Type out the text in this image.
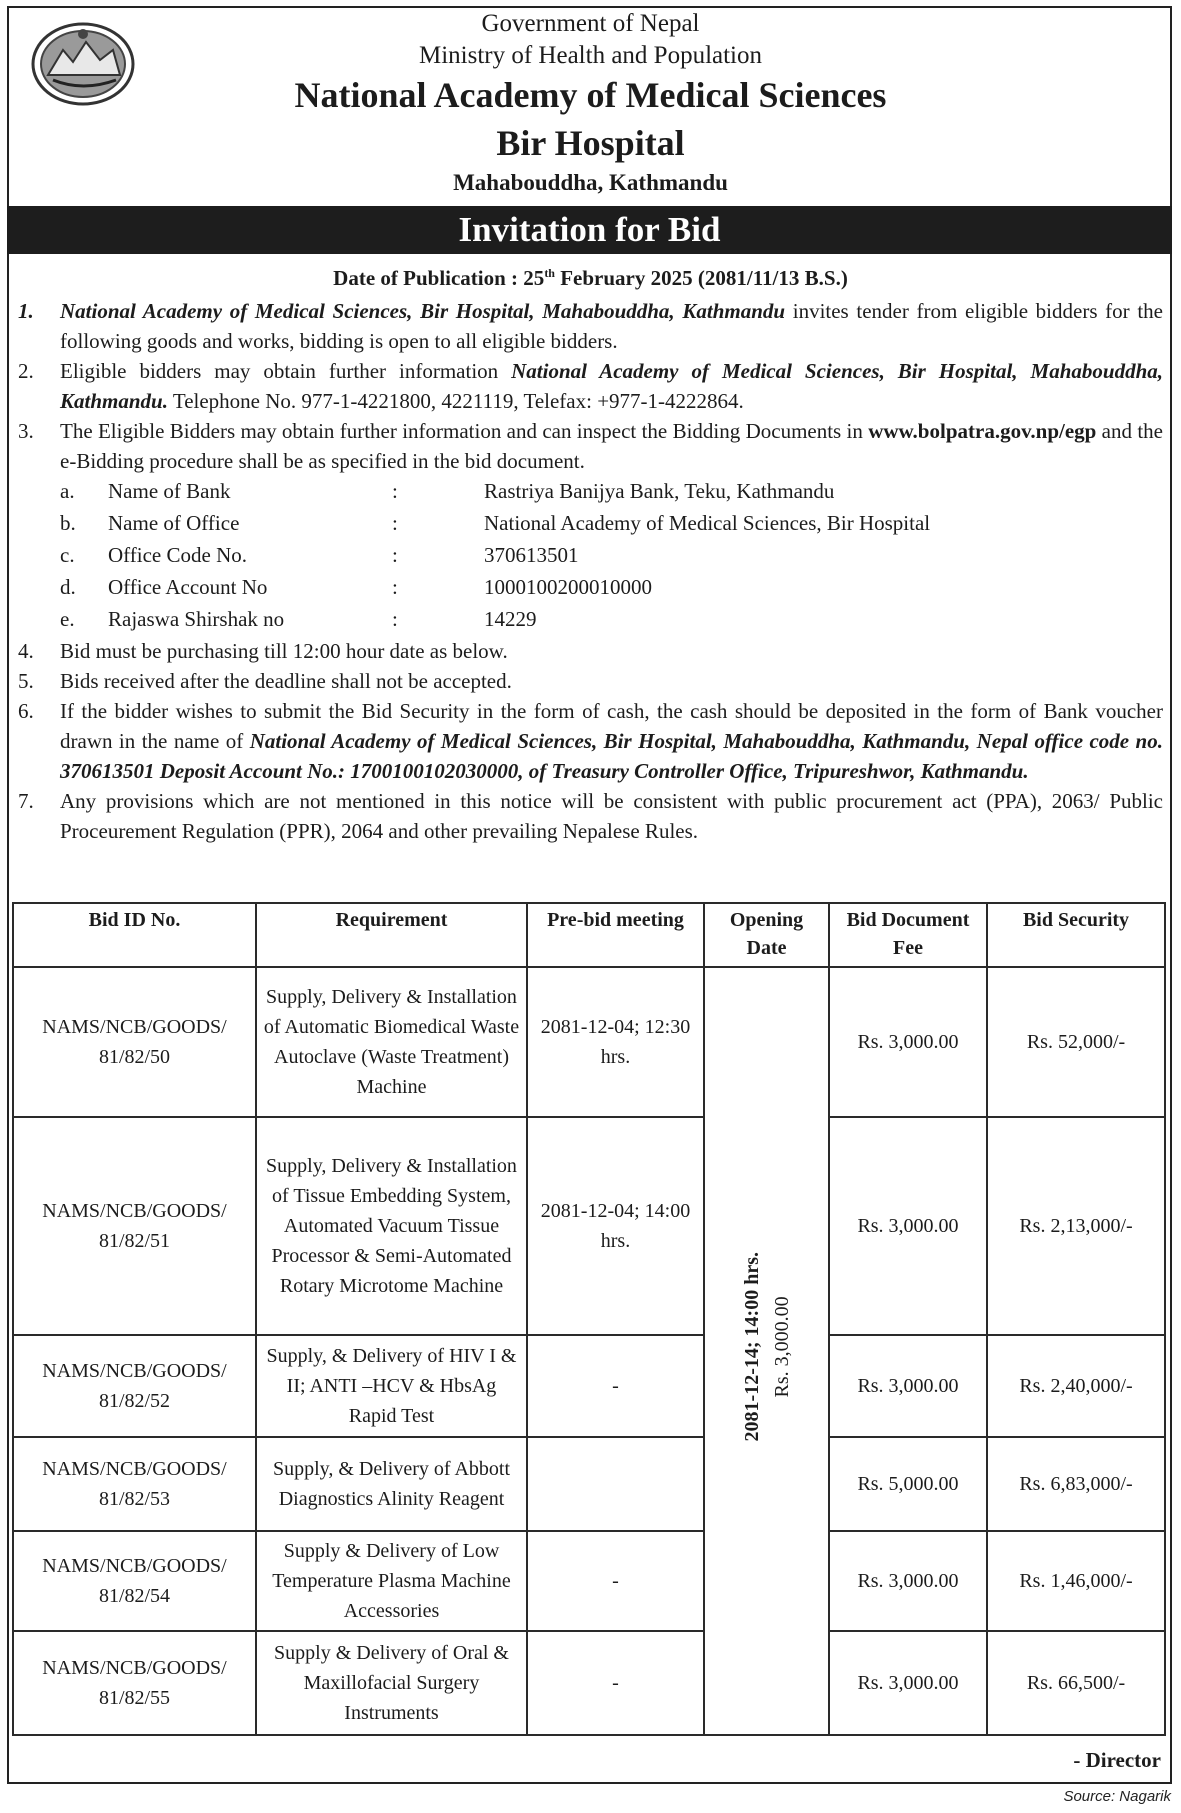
Government of Nepal
Ministry of Health and Population
National Academy of Medical Sciences
Bir Hospital
Mahabouddha, Kathmandu
Invitation for Bid
Date of Publication : 25th February 2025 (2081/11/13 B.S.)
1. National Academy of Medical Sciences, Bir Hospital, Mahabouddha, Kathmandu invites tender from eligible bidders for the following goods and works, bidding is open to all eligible bidders.
2. Eligible bidders may obtain further information National Academy of Medical Sciences, Bir Hospital, Mahabouddha, Kathmandu. Telephone No. 977-1-4221800, 4221119, Telefax: +977-1-4222864.
3. The Eligible Bidders may obtain further information and can inspect the Bidding Documents in www.bolpatra.gov.np/egp and the e-Bidding procedure shall be as specified in the bid document.
a. Name of Bank	:	Rastriya Banijya Bank, Teku, Kathmandu
b. Name of Office	:	National Academy of Medical Sciences, Bir Hospital
c. Office Code No.	:	370613501
d. Office Account No	:	1000100200010000
e. Rajaswa Shirshak no	:	14229
4. Bid must be purchasing till 12:00 hour date as below.
5. Bids received after the deadline shall not be accepted.
6. If the bidder wishes to submit the Bid Security in the form of cash, the cash should be deposited in the form of Bank voucher drawn in the name of National Academy of Medical Sciences, Bir Hospital, Mahabouddha, Kathmandu, Nepal office code no. 370613501 Deposit Account No.: 1700100102030000, of Treasury Controller Office, Tripureshwor, Kathmandu.
7. Any provisions which are not mentioned in this notice will be consistent with public procurement act (PPA), 2063/ Public Proceurement Regulation (PPR), 2064 and other prevailing Nepalese Rules.
Bid ID No.	Requirement	Pre-bid meeting	Opening Date	Bid Document Fee	Bid Security
NAMS/NCB/GOODS/ 81/82/50	Supply, Delivery & Installation of Automatic Biomedical Waste Autoclave (Waste Treatment) Machine	2081-12-04; 12:30 hrs.	2081-12-14; 14:00 hrs. Rs. 3,000.00	Rs. 3,000.00	Rs. 52,000/-
NAMS/NCB/GOODS/ 81/82/51	Supply, Delivery & Installation of Tissue Embedding System, Automated Vacuum Tissue Processor & Semi-Automated Rotary Microtome Machine	2081-12-04; 14:00 hrs.		Rs. 3,000.00	Rs. 2,13,000/-
NAMS/NCB/GOODS/ 81/82/52	Supply, & Delivery of HIV I & II; ANTI –HCV & HbsAg Rapid Test	-		Rs. 3,000.00	Rs. 2,40,000/-
NAMS/NCB/GOODS/ 81/82/53	Supply, & Delivery of Abbott Diagnostics Alinity Reagent			Rs. 5,000.00	Rs. 6,83,000/-
NAMS/NCB/GOODS/ 81/82/54	Supply & Delivery of Low Temperature Plasma Machine Accessories	-		Rs. 3,000.00	Rs. 1,46,000/-
NAMS/NCB/GOODS/ 81/82/55	Supply & Delivery of Oral & Maxillofacial Surgery Instruments	-		Rs. 3,000.00	Rs. 66,500/-
- Director
Source: Nagarik
